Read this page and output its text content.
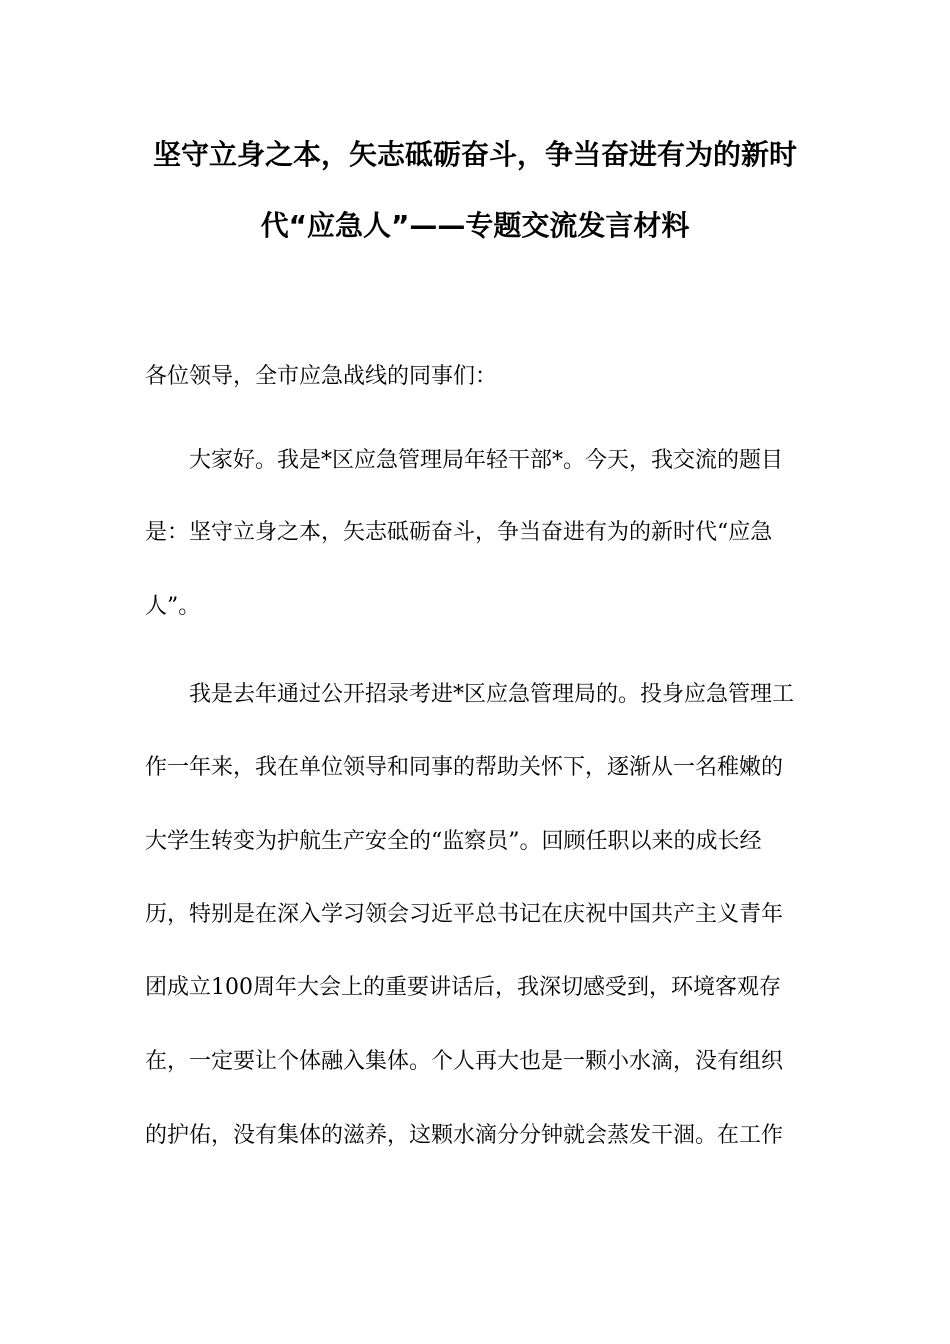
坚守立身之本，矢志砥砺奋斗，争当奋进有为的新时
代“应急人”——专题交流发言材料
各位领导，全市应急战线的同事们：
　　大家好。我是*区应急管理局年轻干部*。今天，我交流的题目
是：坚守立身之本，矢志砥砺奋斗，争当奋进有为的新时代“应急
人”。
　　我是去年通过公开招录考进*区应急管理局的。投身应急管理工
作一年来，我在单位领导和同事的帮助关怀下，逐渐从一名稚嫩的
大学生转变为护航生产安全的“监察员”。回顾任职以来的成长经
历，特别是在深入学习领会习近平总书记在庆祝中国共产主义青年
团成立100周年大会上的重要讲话后，我深切感受到，环境客观存
在，一定要让个体融入集体。个人再大也是一颗小水滴，没有组织
的护佑，没有集体的滋养，这颗水滴分分钟就会蒸发干涸。在工作
